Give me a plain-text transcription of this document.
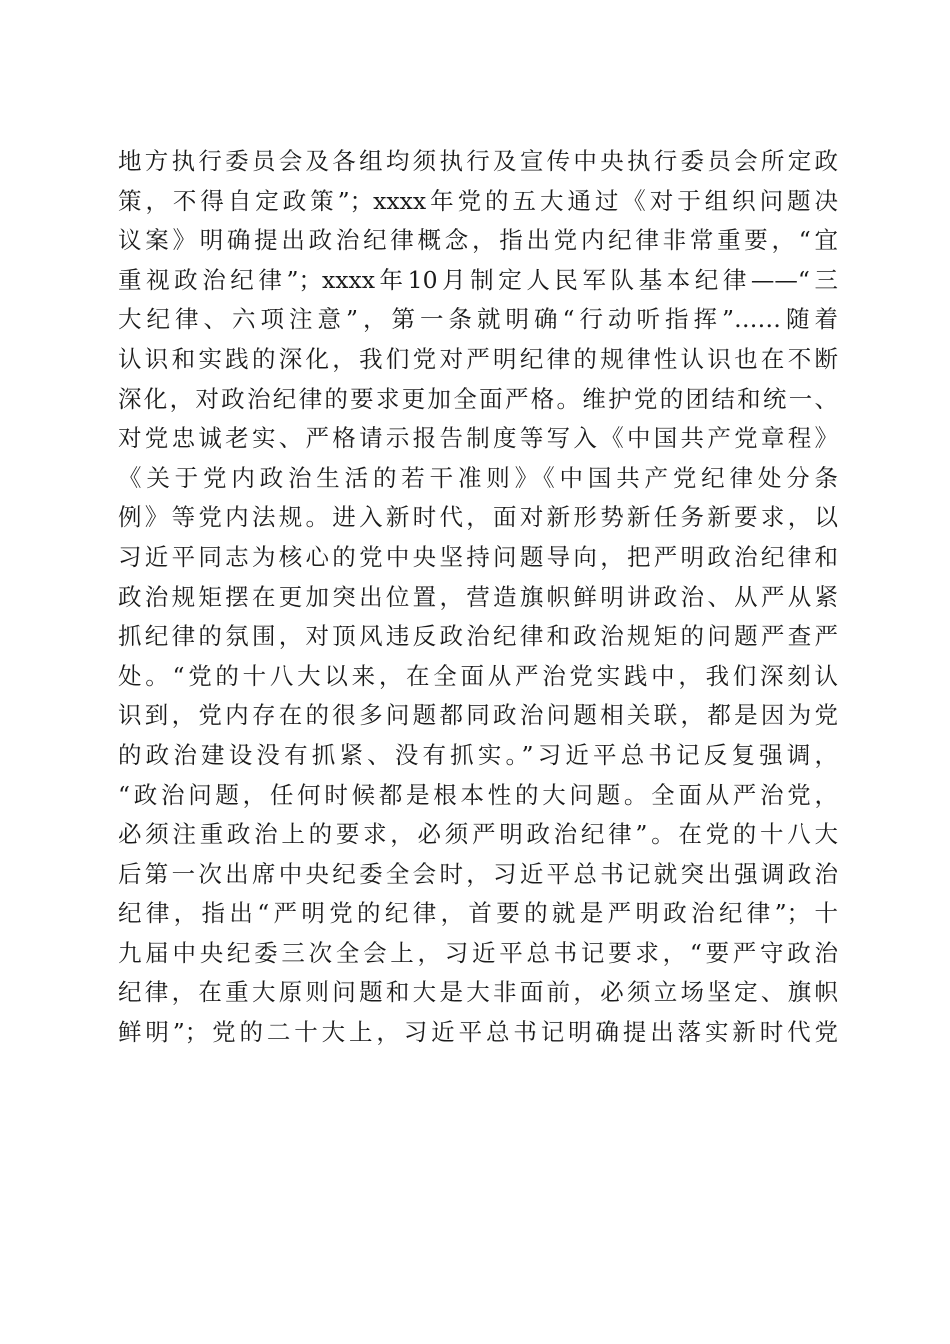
地方执行委员会及各组均须执行及宣传中央执行委员会所定政
策，不得自定政策”；xxxx年党的五大通过《对于组织问题决
议案》明确提出政治纪律概念，指出党内纪律非常重要，“宜
重视政治纪律”；xxxx年10月制定人民军队基本纪律——“三
大纪律、六项注意”，第一条就明确“行动听指挥”……随着
认识和实践的深化，我们党对严明纪律的规律性认识也在不断
深化，对政治纪律的要求更加全面严格。维护党的团结和统一、
对党忠诚老实、严格请示报告制度等写入《中国共产党章程》
《关于党内政治生活的若干准则》《中国共产党纪律处分条
例》等党内法规。进入新时代，面对新形势新任务新要求，以
习近平同志为核心的党中央坚持问题导向，把严明政治纪律和
政治规矩摆在更加突出位置，营造旗帜鲜明讲政治、从严从紧
抓纪律的氛围，对顶风违反政治纪律和政治规矩的问题严查严
处。“党的十八大以来，在全面从严治党实践中，我们深刻认
识到，党内存在的很多问题都同政治问题相关联，都是因为党
的政治建设没有抓紧、没有抓实。”习近平总书记反复强调，
“政治问题，任何时候都是根本性的大问题。全面从严治党，
必须注重政治上的要求，必须严明政治纪律”。在党的十八大
后第一次出席中央纪委全会时，习近平总书记就突出强调政治
纪律，指出“严明党的纪律，首要的就是严明政治纪律”；十
九届中央纪委三次全会上，习近平总书记要求，“要严守政治
纪律，在重大原则问题和大是大非面前，必须立场坚定、旗帜
鲜明”；党的二十大上，习近平总书记明确提出落实新时代党
